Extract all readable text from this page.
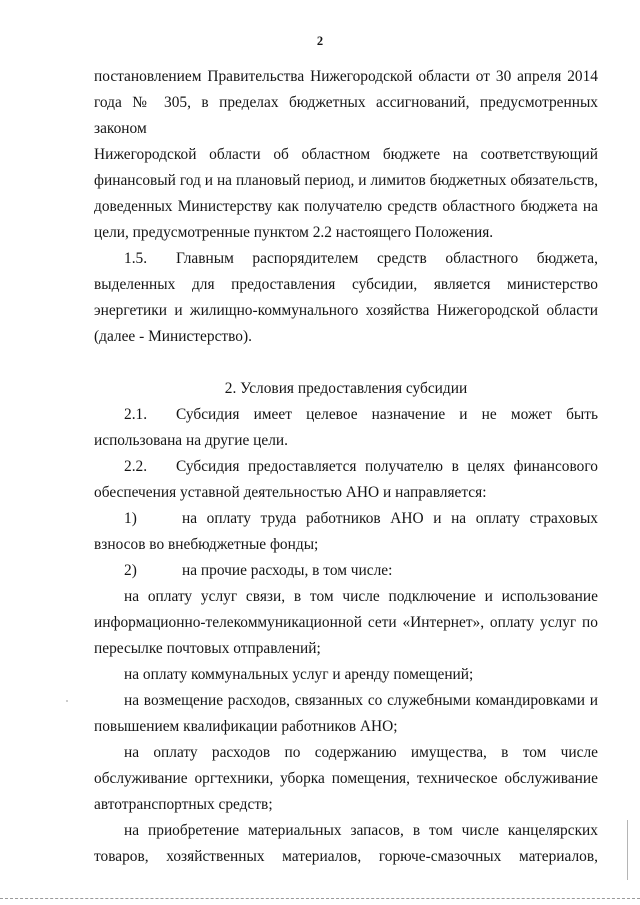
2
постановлением Правительства Нижегородской области от 30 апреля 2014
года № 305, в пределах бюджетных ассигнований, предусмотренных законом
Нижегородской области об областном бюджете на соответствующий
финансовый год и на плановый период, и лимитов бюджетных обязательств,
доведенных Министерству как получателю средств областного бюджета на
цели, предусмотренные пунктом 2.2 настоящего Положения.

1.5. Главным распорядителем средств областного бюджета, выделенных для предоставления субсидии, является министерство энергетики и жилищно-коммунального хозяйства Нижегородской области (далее - Министерство).

2. Условия предоставления субсидии

2.1. Субсидия имеет целевое назначение и не может быть использована на другие цели.

2.2. Субсидия предоставляется получателю в целях финансового обеспечения уставной деятельностью АНО и направляется:

1)	на оплату труда работников АНО и на оплату страховых взносов во внебюджетные фонды;

2)	на прочие расходы, в том числе:

на оплату услуг связи, в том числе подключение и использование информационно-телекоммуникационной сети «Интернет», оплату услуг по пересылке почтовых отправлений;

на оплату коммунальных услуг и аренду помещений;

на возмещение расходов, связанных со служебными командировками и повышением квалификации работников АНО;

на оплату расходов по содержанию имущества, в том числе обслуживание оргтехники, уборка помещения, техническое обслуживание автотранспортных средств;

на приобретение материальных запасов, в том числе канцелярских товаров, хозяйственных материалов, горюче-смазочных материалов,
